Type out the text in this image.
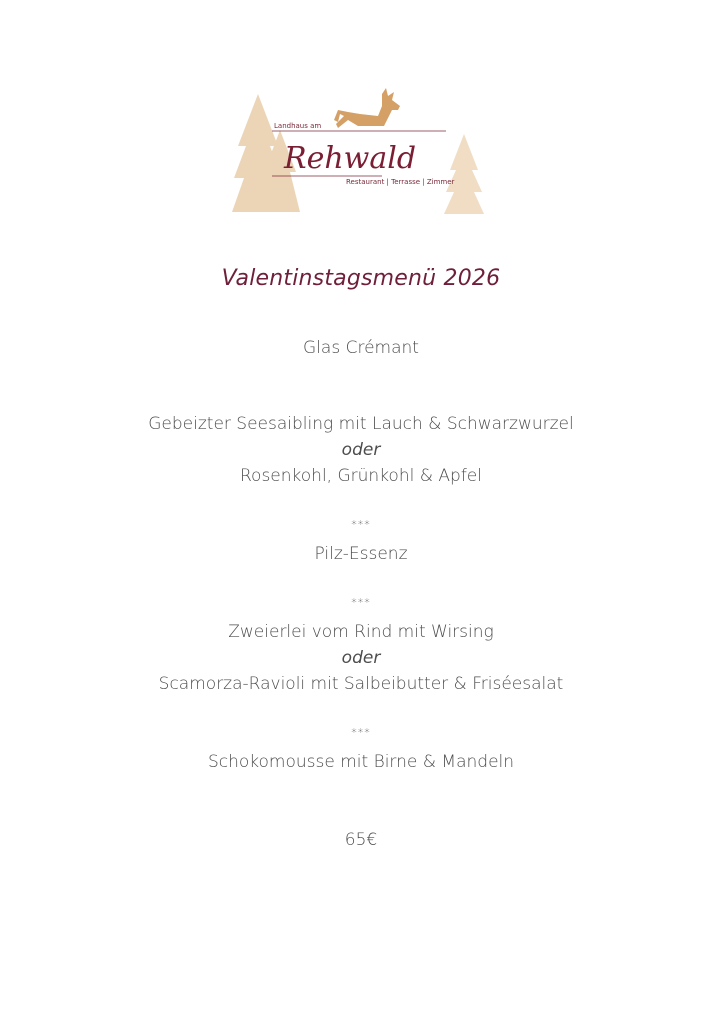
Landhaus am
Rehwald
Restaurant | Terrasse | Zimmer
Valentinstagsmenü 2026
Glas Crémant
Gebeizter Seesaibling mit Lauch & Schwarzwurzel
oder
Rosenkohl, Grünkohl & Apfel
***
Pilz-Essenz
***
Zweierlei vom Rind mit Wirsing
oder
Scamorza-Ravioli mit Salbeibutter & Friséesalat
***
Schokomousse mit Birne & Mandeln
65€
